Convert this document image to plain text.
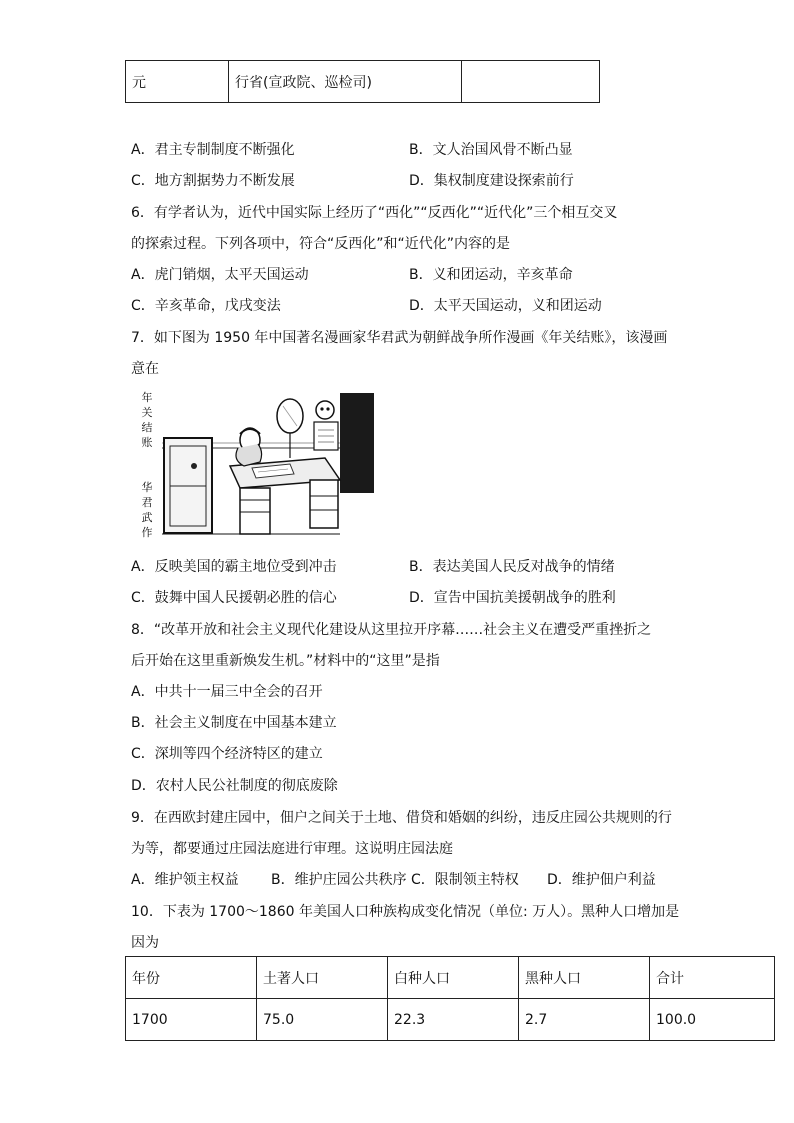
元	行省(宣政院、巡检司)	
A．君主专制制度不断强化	B．文人治国风骨不断凸显
C．地方割据势力不断发展	D．集权制度建设探索前行
6．有学者认为，近代中国实际上经历了“西化”“反西化”“近代化”三个相互交叉
的探索过程。下列各项中，符合“反西化”和“近代化”内容的是
A．虎门销烟，太平天国运动	B．义和团运动，辛亥革命
C．辛亥革命，戊戌变法	D．太平天国运动，义和团运动
7．如下图为 1950 年中国著名漫画家华君武为朝鲜战争所作漫画《年关结账》，该漫画
意在
年关结账
华君武作
A．反映美国的霸主地位受到冲击	B．表达美国人民反对战争的情绪
C．鼓舞中国人民援朝必胜的信心	D．宣告中国抗美援朝战争的胜利
8．“改革开放和社会主义现代化建设从这里拉开序幕……社会主义在遭受严重挫折之
后开始在这里重新焕发生机。”材料中的“这里”是指
A．中共十一届三中全会的召开
B．社会主义制度在中国基本建立
C．深圳等四个经济特区的建立
D．农村人民公社制度的彻底废除
9．在西欧封建庄园中，佃户之间关于土地、借贷和婚姻的纠纷，违反庄园公共规则的行
为等，都要通过庄园法庭进行审理。这说明庄园法庭
A．维护领主权益 B．维护庄园公共秩序 C．限制领主特权 D．维护佃户利益
10．下表为 1700～1860 年美国人口种族构成变化情况（单位: 万人）。黑种人口增加是
因为
年份	土著人口	白种人口	黑种人口	合计
1700	75.0	22.3	2.7	100.0
